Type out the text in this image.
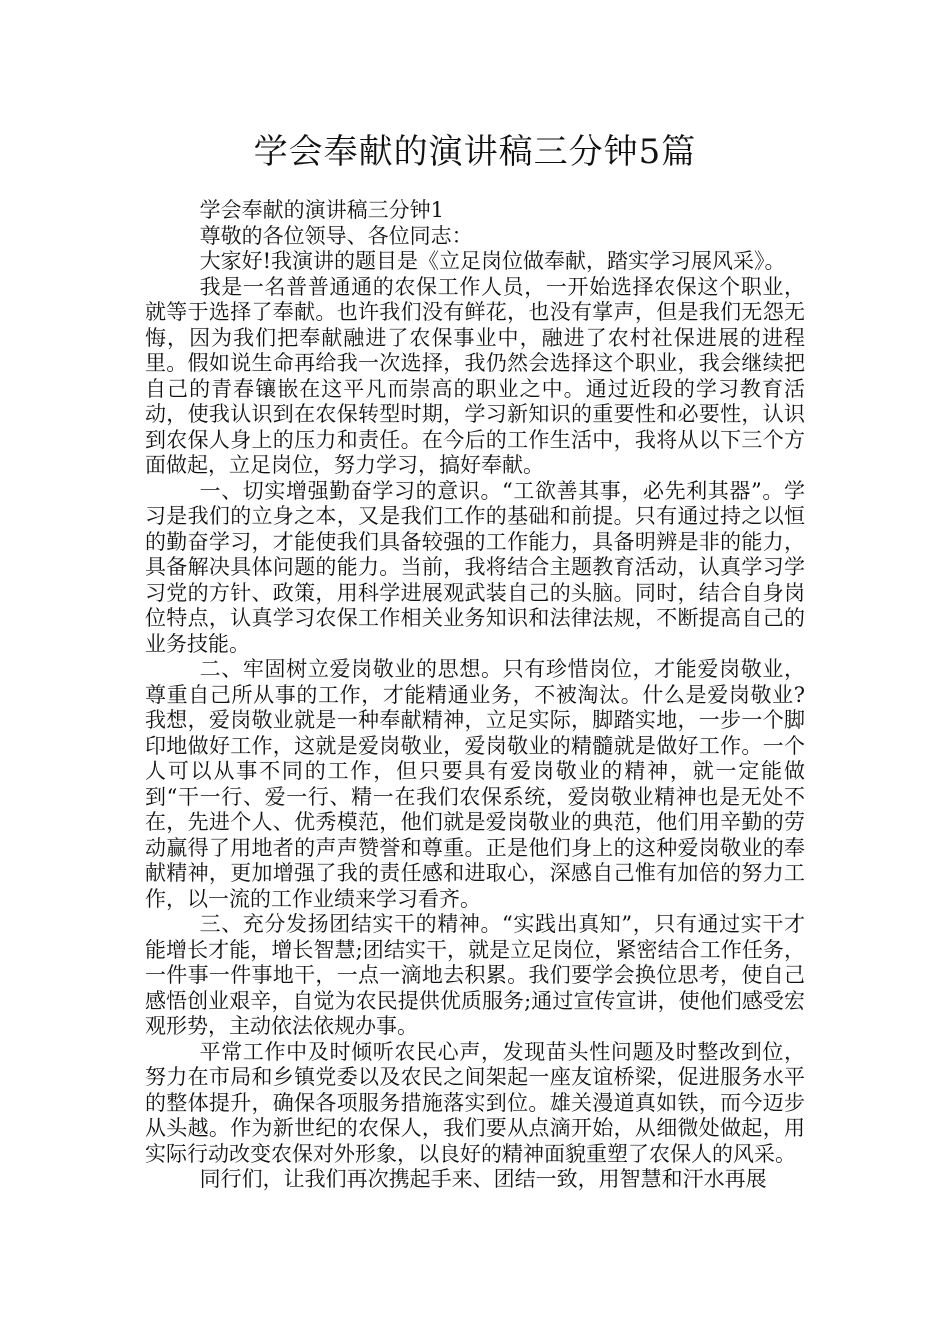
学会奉献的演讲稿三分钟5篇

学会奉献的演讲稿三分钟1

尊敬的各位领导、各位同志：

大家好!我演讲的题目是《立足岗位做奉献，踏实学习展风采》。

我是一名普普通通的农保工作人员，一开始选择农保这个职业，就等于选择了奉献。也许我们没有鲜花，也没有掌声，但是我们无怨无悔，因为我们把奉献融进了农保事业中，融进了农村社保进展的进程里。假如说生命再给我一次选择，我仍然会选择这个职业，我会继续把自己的青春镶嵌在这平凡而崇高的职业之中。通过近段的学习教育活动，使我认识到在农保转型时期，学习新知识的重要性和必要性，认识到农保人身上的压力和责任。在今后的工作生活中，我将从以下三个方面做起，立足岗位，努力学习，搞好奉献。

一、切实增强勤奋学习的意识。“工欲善其事，必先利其器”。学习是我们的立身之本，又是我们工作的基础和前提。只有通过持之以恒的勤奋学习，才能使我们具备较强的工作能力，具备明辨是非的能力，具备解决具体问题的能力。当前，我将结合主题教育活动，认真学习学习党的方针、政策，用科学进展观武装自己的头脑。同时，结合自身岗位特点，认真学习农保工作相关业务知识和法律法规，不断提高自己的业务技能。

二、牢固树立爱岗敬业的思想。只有珍惜岗位，才能爱岗敬业，尊重自己所从事的工作，才能精通业务，不被淘汰。什么是爱岗敬业?我想，爱岗敬业就是一种奉献精神，立足实际，脚踏实地，一步一个脚印地做好工作，这就是爱岗敬业，爱岗敬业的精髓就是做好工作。一个人可以从事不同的工作，但只要具有爱岗敬业的精神，就一定能做到“干一行、爱一行、精一在我们农保系统，爱岗敬业精神也是无处不在，先进个人、优秀模范，他们就是爱岗敬业的典范，他们用辛勤的劳动赢得了用地者的声声赞誉和尊重。正是他们身上的这种爱岗敬业的奉献精神，更加增强了我的责任感和进取心，深感自己惟有加倍的努力工作，以一流的工作业绩来学习看齐。

三、充分发扬团结实干的精神。“实践出真知”，只有通过实干才能增长才能，增长智慧;团结实干，就是立足岗位，紧密结合工作任务，一件事一件事地干，一点一滴地去积累。我们要学会换位思考，使自己感悟创业艰辛，自觉为农民提供优质服务;通过宣传宣讲，使他们感受宏观形势，主动依法依规办事。

平常工作中及时倾听农民心声，发现苗头性问题及时整改到位，努力在市局和乡镇党委以及农民之间架起一座友谊桥梁，促进服务水平的整体提升，确保各项服务措施落实到位。雄关漫道真如铁，而今迈步从头越。作为新世纪的农保人，我们要从点滴开始，从细微处做起，用实际行动改变农保对外形象，以良好的精神面貌重塑了农保人的风采。

同行们，让我们再次携起手来、团结一致，用智慧和汗水再展
